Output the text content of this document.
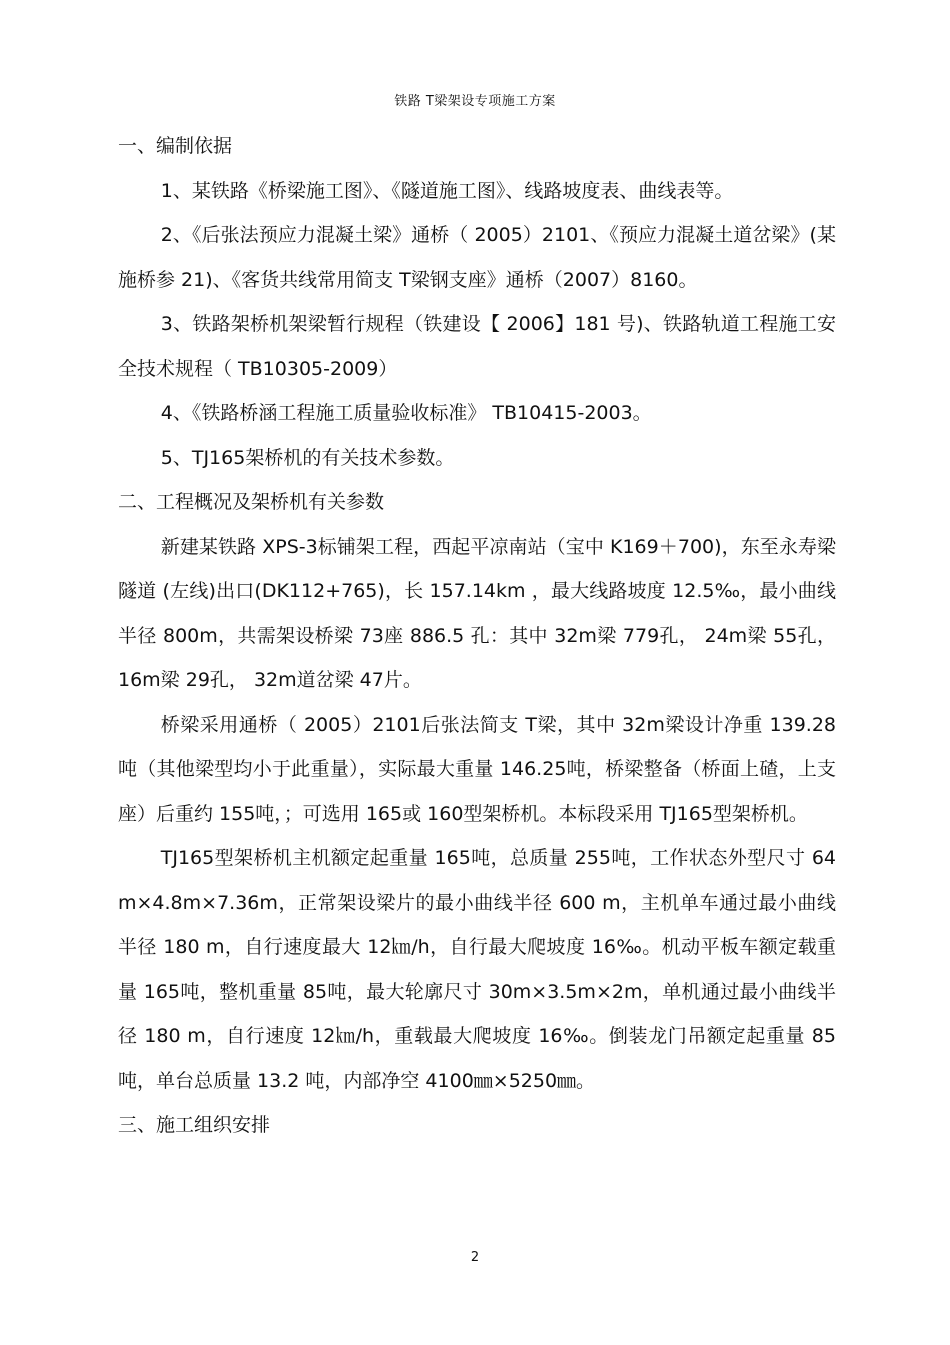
铁路 T梁架设专项施工方案

一、编制依据

1、某铁路《桥梁施工图》、《隧道施工图》、线路坡度表、曲线表等。

2、《后张法预应力混凝土梁》通桥（ 2005）2101、《预应力混凝土道岔梁》(某施桥参 21)、《客货共线常用简支 T梁钢支座》通桥（2007）8160。

3、铁路架桥机架梁暂行规程（铁建设【 2006】181 号)、铁路轨道工程施工安全技术规程（ TB10305-2009）

4、《铁路桥涵工程施工质量验收标准》 TB10415-2003。

5、TJ165架桥机的有关技术参数。

二、工程概况及架桥机有关参数

新建某铁路 XPS-3标铺架工程，西起平凉南站（宝中 K169＋700)，东至永寿梁隧道 (左线)出口(DK112+765)，长 157.14km ，最大线路坡度 12.5‰，最小曲线半径 800m，共需架设桥梁 73座 886.5 孔：其中 32m梁 779孔， 24m梁 55孔， 16m梁 29孔， 32m道岔梁 47片。

桥梁采用通桥（ 2005）2101后张法简支 T梁，其中 32m梁设计净重 139.28吨（其他梁型均小于此重量），实际最大重量 146.25吨，桥梁整备（桥面上碴，上支座）后重约 155吨，；可选用 165或 160型架桥机。本标段采用 TJ165型架桥机。

TJ165型架桥机主机额定起重量 165吨，总质量 255吨，工作状态外型尺寸 64m×4.8m×7.36m，正常架设梁片的最小曲线半径 600 m，主机单车通过最小曲线半径 180 m，自行速度最大 12㎞/h，自行最大爬坡度 16‰。机动平板车额定载重量 165吨，整机重量 85吨，最大轮廓尺寸 30m×3.5m×2m，单机通过最小曲线半径 180 m，自行速度 12㎞/h，重载最大爬坡度 16‰。倒装龙门吊额定起重量 85吨，单台总质量 13.2 吨，内部净空 4100㎜×5250㎜。

三、施工组织安排

2
